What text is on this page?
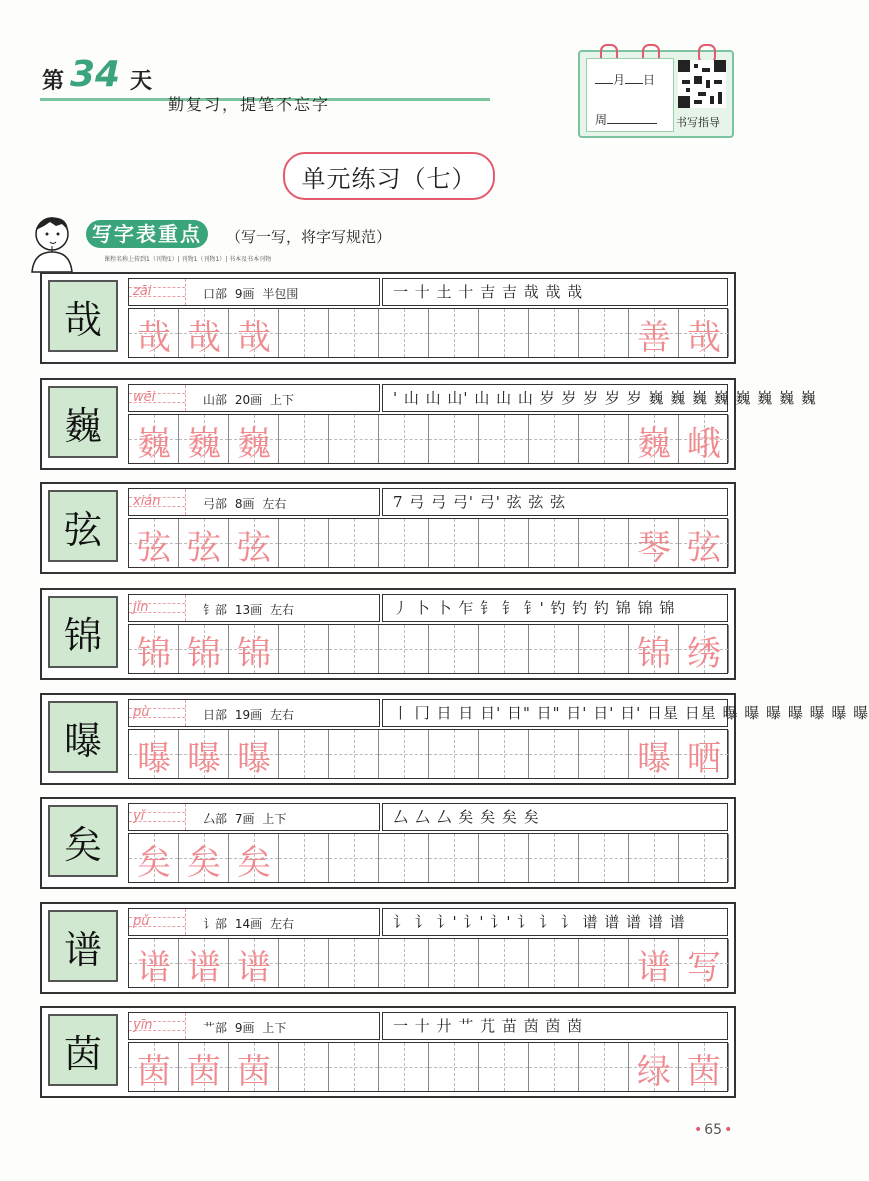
第 34 天
勤复习，提笔不忘字
月 日
周	书写指导
单元练习（七）
写字表重点	（写一写，将字写规范）
课程名称上传到1（刊物1）| 刊物1（刊物1）| 书本及书本刊物
哉
zāi	口部 9画 半包围	一 十 土 十 吉 吉 哉 哉 哉
哉 哉 哉	善 哉
巍
wēi	山部 20画 上下	' 山 山 山' 山 山 山 岁 岁 岁 岁 岁 巍 巍 巍 巍 巍 巍 巍 巍
巍 巍 巍	巍 峨
弦
xián	弓部 8画 左右	7 弓 弓 弓' 弓' 弦 弦 弦
弦 弦 弦	琴 弦
锦
jǐn	钅部 13画 左右	丿 卜 卜 乍 钅 钅 钅' 钓 钓 钓 锦 锦 锦
锦 锦 锦	锦 绣
曝
pù	日部 19画 左右	丨 冂 日 日 日' 日" 日" 日' 日' 日' 日星 日星 曝 曝 曝 曝 曝 曝 曝
曝 曝 曝	曝 晒
矣
yǐ	厶部 7画 上下	厶 厶 厶 矣 矣 矣 矣
矣 矣 矣
谱
pǔ	讠部 14画 左右	讠 讠 讠' 讠' 讠' 讠 讠 讠 谱 谱 谱 谱 谱
谱 谱 谱	谱 写
茵
yīn	艹部 9画 上下	一 十 廾 艹 芁 苗 茵 茵 茵
茵 茵 茵	绿 茵
• 65 •
